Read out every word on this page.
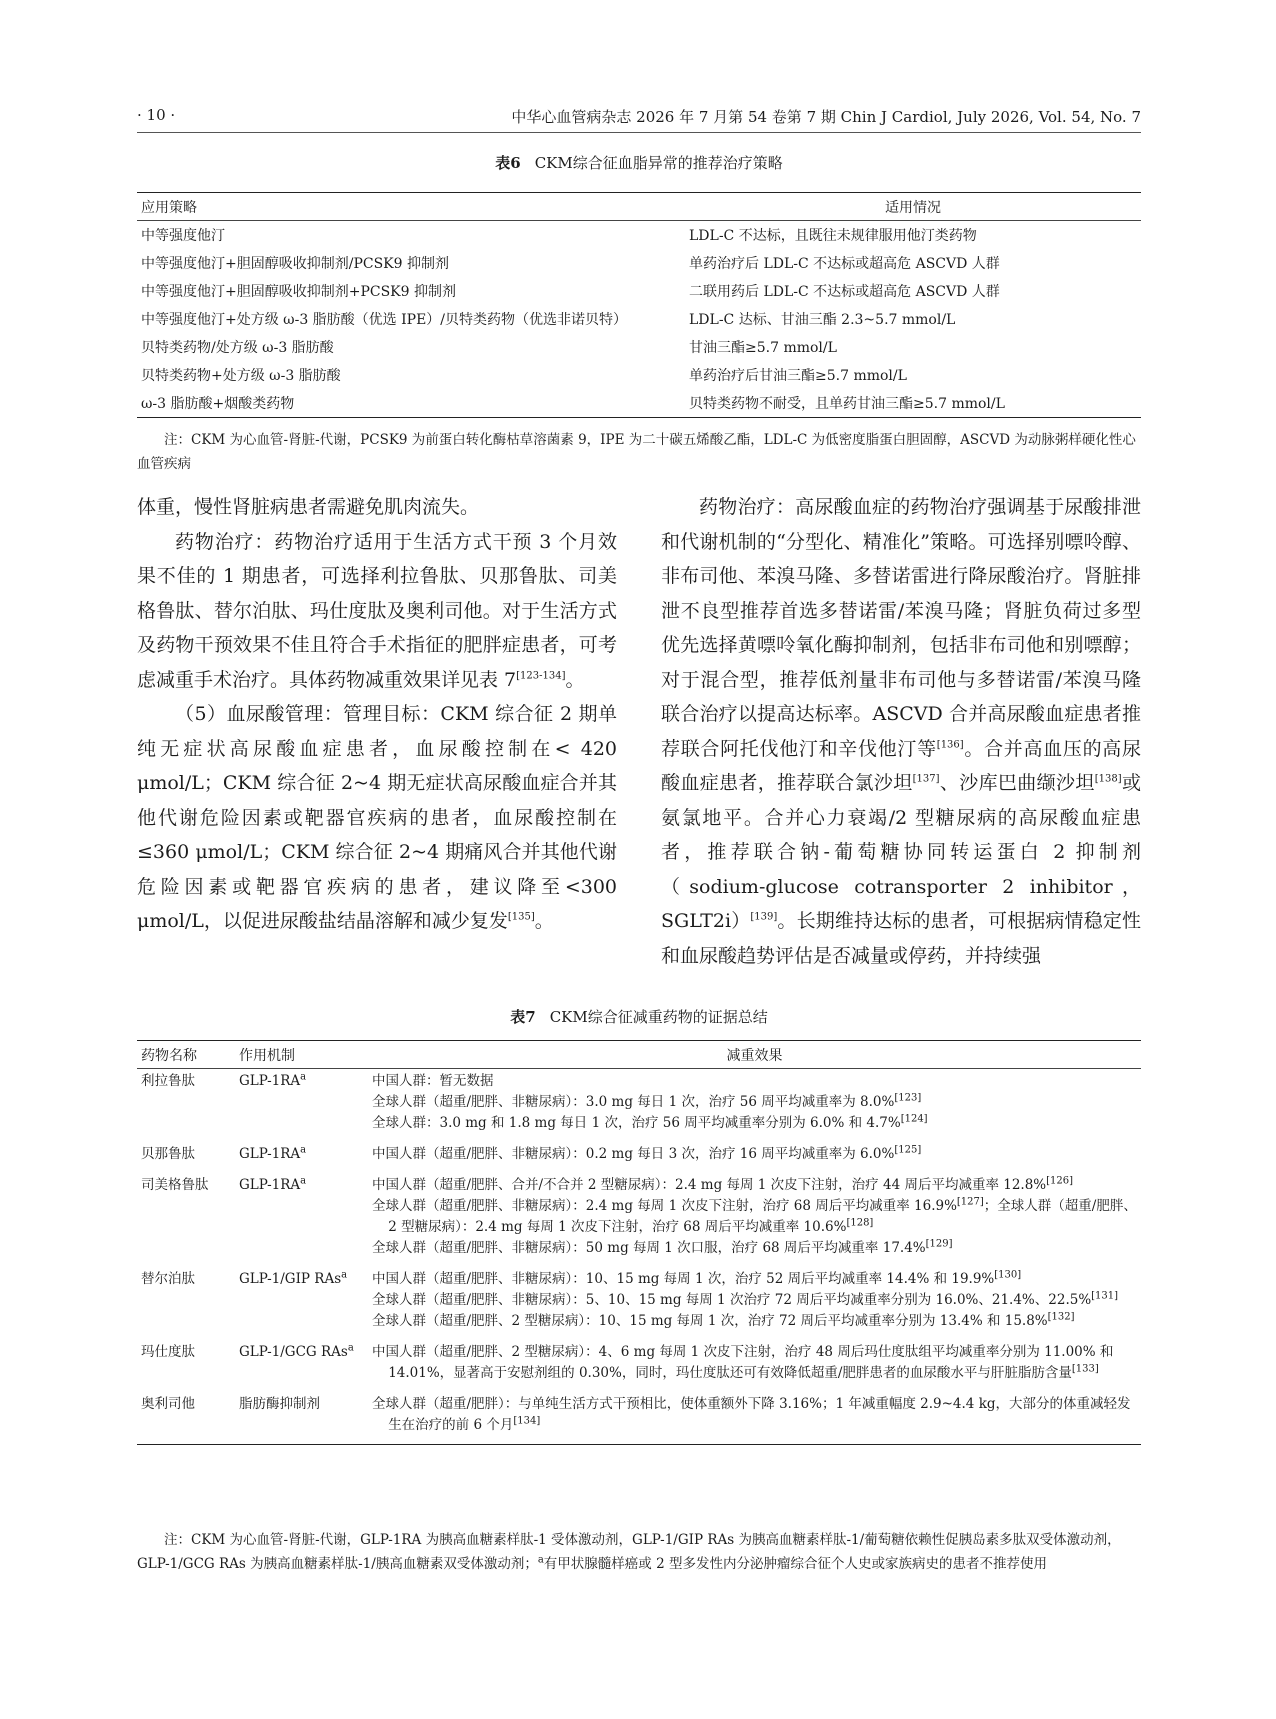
· 10 ·	中华心血管病杂志 2026 年 7 月第 54 卷第 7 期 Chin J Cardiol, July 2026, Vol. 54, No. 7
表6 CKM综合征血脂异常的推荐治疗策略
应用策略	适用情况
中等强度他汀	LDL-C 不达标，且既往未规律服用他汀类药物
中等强度他汀+胆固醇吸收抑制剂/PCSK9 抑制剂	单药治疗后 LDL-C 不达标或超高危 ASCVD 人群
中等强度他汀+胆固醇吸收抑制剂+PCSK9 抑制剂	二联用药后 LDL-C 不达标或超高危 ASCVD 人群
中等强度他汀+处方级 ω-3 脂肪酸（优选 IPE）/贝特类药物（优选非诺贝特）	LDL-C 达标、甘油三酯 2.3~5.7 mmol/L
贝特类药物/处方级 ω-3 脂肪酸	甘油三酯≥5.7 mmol/L
贝特类药物+处方级 ω-3 脂肪酸	单药治疗后甘油三酯≥5.7 mmol/L
ω-3 脂肪酸+烟酸类药物	贝特类药物不耐受，且单药甘油三酯≥5.7 mmol/L
注：CKM 为心血管-肾脏-代谢，PCSK9 为前蛋白转化酶枯草溶菌素 9，IPE 为二十碳五烯酸乙酯，LDL-C 为低密度脂蛋白胆固醇，ASCVD 为动脉粥样硬化性心血管疾病

体重，慢性肾脏病患者需避免肌肉流失。

药物治疗：药物治疗适用于生活方式干预 3 个月效果不佳的 1 期患者，可选择利拉鲁肽、贝那鲁肽、司美格鲁肽、替尔泊肽、玛仕度肽及奥利司他。对于生活方式及药物干预效果不佳且符合手术指征的肥胖症患者，可考虑减重手术治疗。具体药物减重效果详见表 7[123-134]。

（5）血尿酸管理：管理目标：CKM 综合征 2 期单纯无症状高尿酸血症患者，血尿酸控制在< 420 μmol/L；CKM 综合征 2~4 期无症状高尿酸血症合并其他代谢危险因素或靶器官疾病的患者，血尿酸控制在≤360 μmol/L；CKM 综合征 2~4 期痛风合并其他代谢危险因素或靶器官疾病的患者，建议降至<300 μmol/L，以促进尿酸盐结晶溶解和减少复发[135]。

药物治疗：高尿酸血症的药物治疗强调基于尿酸排泄和代谢机制的“分型化、精准化”策略。可选择别嘌呤醇、非布司他、苯溴马隆、多替诺雷进行降尿酸治疗。肾脏排泄不良型推荐首选多替诺雷/苯溴马隆；肾脏负荷过多型优先选择黄嘌呤氧化酶抑制剂，包括非布司他和别嘌醇；对于混合型，推荐低剂量非布司他与多替诺雷/苯溴马隆联合治疗以提高达标率。ASCVD 合并高尿酸血症患者推荐联合阿托伐他汀和辛伐他汀等[136]。合并高血压的高尿酸血症患者，推荐联合氯沙坦[137]、沙库巴曲缬沙坦[138]或氨氯地平。合并心力衰竭/2 型糖尿病的高尿酸血症患者，推荐联合钠-葡萄糖协同转运蛋白 2 抑制剂（sodium-glucose cotransporter 2 inhibitor，SGLT2i）[139]。长期维持达标的患者，可根据病情稳定性和血尿酸趋势评估是否减量或停药，并持续强

表7 CKM综合征减重药物的证据总结
药物名称	作用机制	减重效果
利拉鲁肽	GLP-$1RA^a$	中国人群：暂无数据
全球人群（超重/肥胖、非糖尿病）：3.0 mg 每日 1 次，治疗 56 周平均减重率为 8.0%[123]
全球人群：3.0 mg 和 1.8 mg 每日 1 次，治疗 56 周平均减重率分别为 6.0% 和 4.7%[124]

贝那鲁肽	GLP-$1RA^a$	中国人群（超重/肥胖、非糖尿病）：0.2 mg 每日 3 次，治疗 16 周平均减重率为 6.0%[125]

司美格鲁肽	GLP-$1RA^a$	中国人群（超重/肥胖、合并/不合并 2 型糖尿病）：2.4 mg 每周 1 次皮下注射，治疗 44 周后平均减重率 12.8%[126]
全球人群（超重/肥胖、非糖尿病）：2.4 mg 每周 1 次皮下注射，治疗 68 周后平均减重率 16.9%[127]；全球人群（超重/肥胖、2 型糖尿病）：2.4 mg 每周 1 次皮下注射，治疗 68 周后平均减重率 10.6%[128]
全球人群（超重/肥胖、非糖尿病）：50 mg 每周 1 次口服，治疗 68 周后平均减重率 17.4%[129]

替尔泊肽	GLP-1/GIP RAs$^a$	中国人群（超重/肥胖、非糖尿病）：10、15 mg 每周 1 次，治疗 52 周后平均减重率 14.4% 和 19.9%[130]
全球人群（超重/肥胖、非糖尿病）：5、10、15 mg 每周 1 次治疗 72 周后平均减重率分别为 16.0%、21.4%、22.5%[131]
全球人群（超重/肥胖、2 型糖尿病）：10、15 mg 每周 1 次，治疗 72 周后平均减重率分别为 13.4% 和 15.8%[132]

玛仕度肽	GLP-1/GCG RAs$^a$	中国人群（超重/肥胖、2 型糖尿病）：4、6 mg 每周 1 次皮下注射，治疗 48 周后玛仕度肽组平均减重率分别为 11.00% 和 14.01%，显著高于安慰剂组的 0.30%，同时，玛仕度肽还可有效降低超重/肥胖患者的血尿酸水平与肝脏脂肪含量[133]

奥利司他	脂肪酶抑制剂	全球人群（超重/肥胖）：与单纯生活方式干预相比，使体重额外下降 3.16%；1 年减重幅度 2.9~4.4 kg，大部分的体重减轻发生在治疗的前 6 个月[134]
注：CKM 为心血管-肾脏-代谢，GLP-1RA 为胰高血糖素样肽-1 受体激动剂，GLP-1/GIP RAs 为胰高血糖素样肽-1/葡萄糖依赖性促胰岛素多肽双受体激动剂，GLP-1/GCG RAs 为胰高血糖素样肽-1/胰高血糖素双受体激动剂；$^a$有甲状腺髓样癌或 2 型多发性内分泌肿瘤综合征个人史或家族病史的患者不推荐使用
